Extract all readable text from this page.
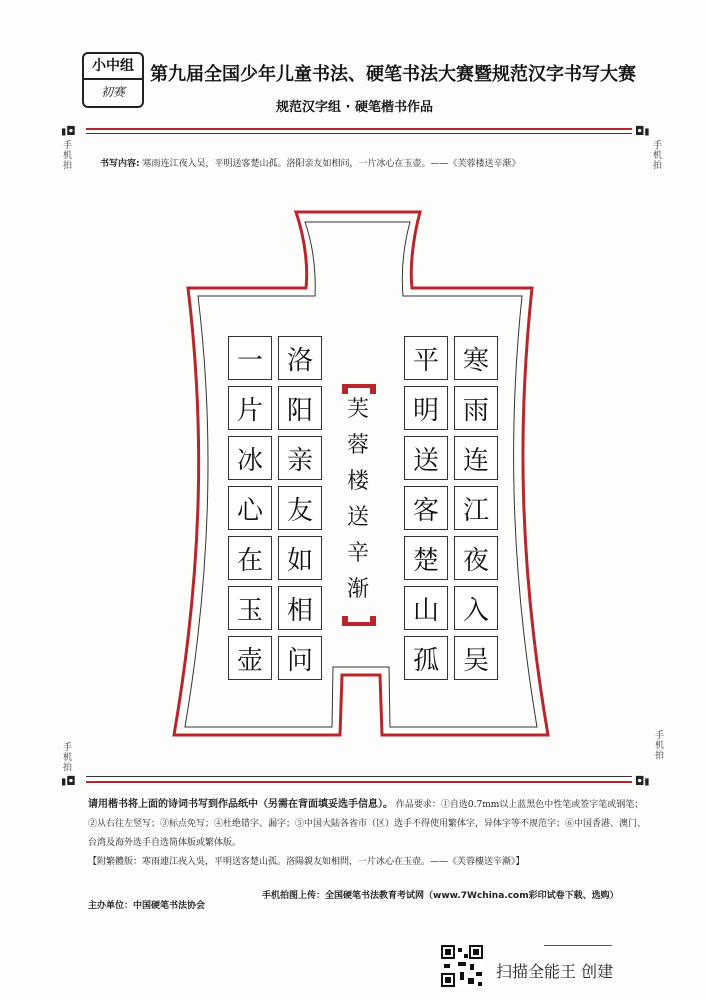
小中组
初赛
第九届全国少年儿童书法、硬笔书法大赛暨规范汉字书写大赛
规范汉字组 · 硬笔楷书作品
▮◘	◘▮
手机拍	手机拍
书写内容: 寒雨连江夜入吴，平明送客楚山孤。洛阳亲友如相问，一片冰心在玉壶。——《芙蓉楼送辛渐》
寒
雨
连
江
夜
入
吴
平
明
送
客
楚
山
孤
洛
阳
亲
友
如
相
问
一
片
冰
心
在
玉
壶
芙
蓉
楼
送
辛
渐
手机拍	手机拍
▮◘	◘▮
请用楷书将上面的诗词书写到作品纸中（另需在背面填妥选手信息）。 作品要求：①自选0.7mm以上蓝黑色中性笔或签字笔或钢笔；②从右往左竖写；③标点免写；④杜绝错字、漏字；⑤中国大陆各省市（区）选手不得使用繁体字，异体字等不规范字；⑥中国香港、澳门、台湾及海外选手自选简体版或繁体版。
【附繁體版：寒雨連江夜入吳，平明送客楚山孤。洛陽親友如相問，一片冰心在玉壺。——《芙蓉樓送辛漸》】
主办单位：中国硬笔书法协会
手机拍图上传：全国硬笔书法教育考试网（www.7Wchina.com彩印试卷下载、选购）
扫描全能王 创建
